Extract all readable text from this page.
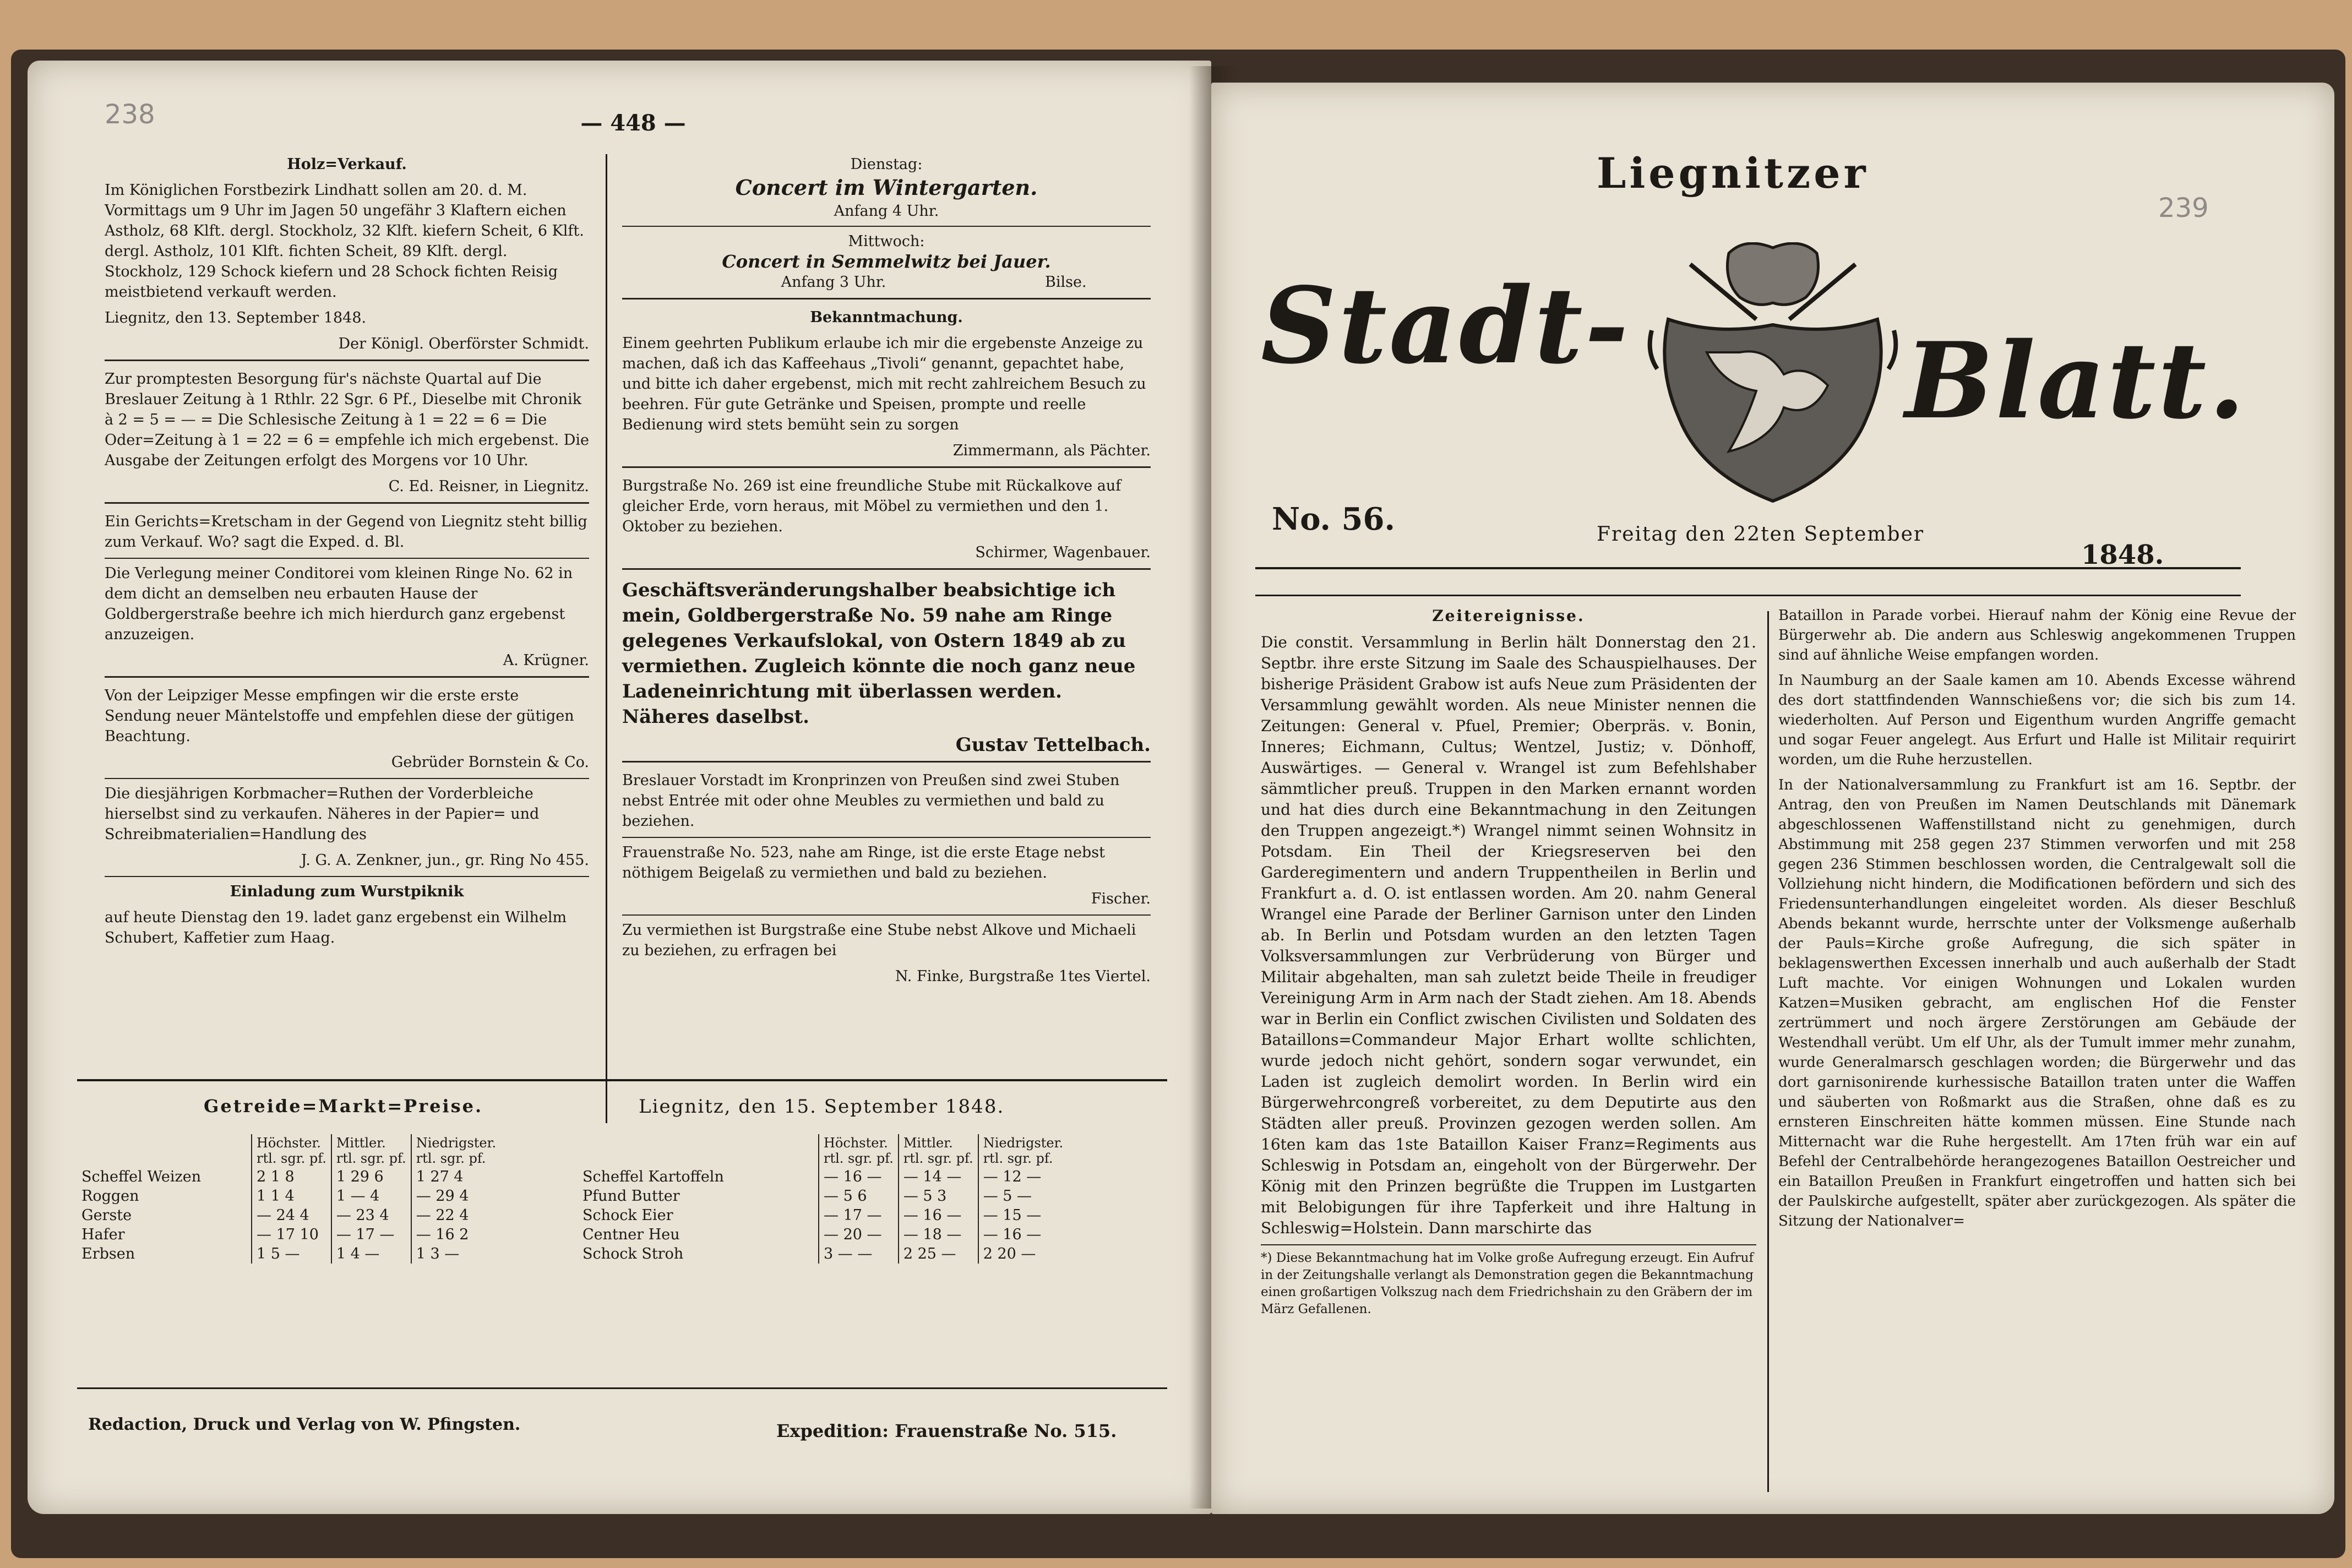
238	— 448 —

Holz=Verkauf.

Im Königlichen Forstbezirk Lindhatt sollen am 20. d. M. Vormittags um 9 Uhr im Jagen 50 ungefähr 3 Klaftern eichen Astholz, 68 Klft. dergl. Stockholz, 32 Klft. kiefern Scheit, 6 Klft. dergl. Astholz, 101 Klft. fichten Scheit, 89 Klft. dergl. Stockholz, 129 Schock kiefern und 28 Schock fichten Reisig meistbietend verkauft werden.

Liegnitz, den 13. September 1848.

Der Königl. Oberförster Schmidt.

Zur promptesten Besorgung für's nächste Quartal auf Die Breslauer Zeitung à 1 Rthlr. 22 Sgr. 6 Pf., Dieselbe mit Chronik à 2 = 5 = — = Die Schlesische Zeitung à 1 = 22 = 6 = Die Oder=Zeitung à 1 = 22 = 6 = empfehle ich mich ergebenst. Die Ausgabe der Zeitungen erfolgt des Morgens vor 10 Uhr.

C. Ed. Reisner, in Liegnitz.

Ein Gerichts=Kretscham in der Gegend von Liegnitz steht billig zum Verkauf. Wo? sagt die Exped. d. Bl.

Die Verlegung meiner Conditorei vom kleinen Ringe No. 62 in dem dicht an demselben neu erbauten Hause der Goldbergerstraße beehre ich mich hierdurch ganz ergebenst anzuzeigen.

A. Krügner.

Von der Leipziger Messe empfingen wir die erste erste Sendung neuer Mäntelstoffe und empfehlen diese der gütigen Beachtung.

Gebrüder Bornstein & Co.

Die diesjährigen Korbmacher=Ruthen der Vorderbleiche hierselbst sind zu verkaufen. Näheres in der Papier= und Schreibmaterialien=Handlung des

J. G. A. Zenkner, jun., gr. Ring No 455.

Einladung zum Wurstpiknik

auf heute Dienstag den 19. ladet ganz ergebenst ein Wilhelm Schubert, Kaffetier zum Haag.

Dienstag:

Concert im Wintergarten.

Anfang 4 Uhr.

Mittwoch:

Concert in Semmelwitz bei Jauer.

Anfang 3 Uhr.	Bilse.

Bekanntmachung.

Einem geehrten Publikum erlaube ich mir die ergebenste Anzeige zu machen, daß ich das Kaffeehaus „Tivoli“ genannt, gepachtet habe, und bitte ich daher ergebenst, mich mit recht zahlreichem Besuch zu beehren. Für gute Getränke und Speisen, prompte und reelle Bedienung wird stets bemüht sein zu sorgen

Zimmermann, als Pächter.

Burgstraße No. 269 ist eine freundliche Stube mit Rückalkove auf gleicher Erde, vorn heraus, mit Möbel zu vermiethen und den 1. Oktober zu beziehen.

Schirmer, Wagenbauer.

Geschäftsveränderungshalber beabsichtige ich mein, Goldbergerstraße No. 59 nahe am Ringe gelegenes Verkaufslokal, von Ostern 1849 ab zu vermiethen. Zugleich könnte die noch ganz neue Ladeneinrichtung mit überlassen werden. Näheres daselbst.

Gustav Tettelbach.

Breslauer Vorstadt im Kronprinzen von Preußen sind zwei Stuben nebst Entrée mit oder ohne Meubles zu vermiethen und bald zu beziehen.

Frauenstraße No. 523, nahe am Ringe, ist die erste Etage nebst nöthigem Beigelaß zu vermiethen und bald zu beziehen.

Fischer.

Zu vermiethen ist Burgstraße eine Stube nebst Alkove und Michaeli zu beziehen, zu erfragen bei

N. Finke, Burgstraße 1tes Viertel.

Getreide=Markt=Preise.	Liegnitz, den 15. September 1848.
	Höchster.
rtl. sgr. pf.	Mittler.
rtl. sgr. pf.	Niedrigster.
rtl. sgr. pf.
Scheffel Weizen	2 1 8	1 29 6	1 27 4
Roggen	1 1 4	1 — 4	— 29 4
Gerste	— 24 4	— 23 4	— 22 4
Hafer	— 17 10	— 17 —	— 16 2
Erbsen	1 5 —	1 4 —	1 3 —
	Höchster.
rtl. sgr. pf.	Mittler.
rtl. sgr. pf.	Niedrigster.
rtl. sgr. pf.
Scheffel Kartoffeln	— 16 —	— 14 —	— 12 —
Pfund Butter	— 5 6	— 5 3	— 5 —
Schock Eier	— 17 —	— 16 —	— 15 —
Centner Heu	— 20 —	— 18 —	— 16 —
Schock Stroh	3 — —	2 25 —	2 20 —
Redaction, Druck und Verlag von W. Pfingsten.	Expedition: Frauenstraße No. 515.
239
Liegnitzer
Stadt-	Blatt.
No. 56.	Freitag den 22ten September
1848.

Zeitereignisse.

Die constit. Versammlung in Berlin hält Donnerstag den 21. Septbr. ihre erste Sitzung im Saale des Schauspielhauses. Der bisherige Präsident Grabow ist aufs Neue zum Präsidenten der Versammlung gewählt worden. Als neue Minister nennen die Zeitungen: General v. Pfuel, Premier; Oberpräs. v. Bonin, Inneres; Eichmann, Cultus; Wentzel, Justiz; v. Dönhoff, Auswärtiges. — General v. Wrangel ist zum Befehlshaber sämmtlicher preuß. Truppen in den Marken ernannt worden und hat dies durch eine Bekanntmachung in den Zeitungen den Truppen angezeigt.*) Wrangel nimmt seinen Wohnsitz in Potsdam. Ein Theil der Kriegsreserven bei den Garderegimentern und andern Truppentheilen in Berlin und Frankfurt a. d. O. ist entlassen worden. Am 20. nahm General Wrangel eine Parade der Berliner Garnison unter den Linden ab. In Berlin und Potsdam wurden an den letzten Tagen Volksversammlungen zur Verbrüderung von Bürger und Militair abgehalten, man sah zuletzt beide Theile in freudiger Vereinigung Arm in Arm nach der Stadt ziehen. Am 18. Abends war in Berlin ein Conflict zwischen Civilisten und Soldaten des Bataillons=Commandeur Major Erhart wollte schlichten, wurde jedoch nicht gehört, sondern sogar verwundet, ein Laden ist zugleich demolirt worden. In Berlin wird ein Bürgerwehrcongreß vorbereitet, zu dem Deputirte aus den Städten aller preuß. Provinzen gezogen werden sollen. Am 16ten kam das 1ste Bataillon Kaiser Franz=Regiments aus Schleswig in Potsdam an, eingeholt von der Bürgerwehr. Der König mit den Prinzen begrüßte die Truppen im Lustgarten mit Belobigungen für ihre Tapferkeit und ihre Haltung in Schleswig=Holstein. Dann marschirte das

*) Diese Bekanntmachung hat im Volke große Aufregung erzeugt. Ein Aufruf in der Zeitungshalle verlangt als Demonstration gegen die Bekanntmachung einen großartigen Volkszug nach dem Friedrichshain zu den Gräbern der im März Gefallenen.

Bataillon in Parade vorbei. Hierauf nahm der König eine Revue der Bürgerwehr ab. Die andern aus Schleswig angekommenen Truppen sind auf ähnliche Weise empfangen worden.

In Naumburg an der Saale kamen am 10. Abends Excesse während des dort stattfindenden Wannschießens vor; die sich bis zum 14. wiederholten. Auf Person und Eigenthum wurden Angriffe gemacht und sogar Feuer angelegt. Aus Erfurt und Halle ist Militair requirirt worden, um die Ruhe herzustellen.

In der Nationalversammlung zu Frankfurt ist am 16. Septbr. der Antrag, den von Preußen im Namen Deutschlands mit Dänemark abgeschlossenen Waffenstillstand nicht zu genehmigen, durch Abstimmung mit 258 gegen 237 Stimmen verworfen und mit 258 gegen 236 Stimmen beschlossen worden, die Centralgewalt soll die Vollziehung nicht hindern, die Modificationen befördern und sich des Friedensunterhandlungen eingeleitet worden. Als dieser Beschluß Abends bekannt wurde, herrschte unter der Volksmenge außerhalb der Pauls=Kirche große Aufregung, die sich später in beklagenswerthen Excessen innerhalb und auch außerhalb der Stadt Luft machte. Vor einigen Wohnungen und Lokalen wurden Katzen=Musiken gebracht, am englischen Hof die Fenster zertrümmert und noch ärgere Zerstörungen am Gebäude der Westendhall verübt. Um elf Uhr, als der Tumult immer mehr zunahm, wurde Generalmarsch geschlagen worden; die Bürgerwehr und das dort garnisonirende kurhessische Bataillon traten unter die Waffen und säuberten von Roßmarkt aus die Straßen, ohne daß es zu ernsteren Einschreiten hätte kommen müssen. Eine Stunde nach Mitternacht war die Ruhe hergestellt. Am 17ten früh war ein auf Befehl der Centralbehörde herangezogenes Bataillon Oestreicher und ein Bataillon Preußen in Frankfurt eingetroffen und hatten sich bei der Paulskirche aufgestellt, später aber zurückgezogen. Als später die Sitzung der Nationalver=
